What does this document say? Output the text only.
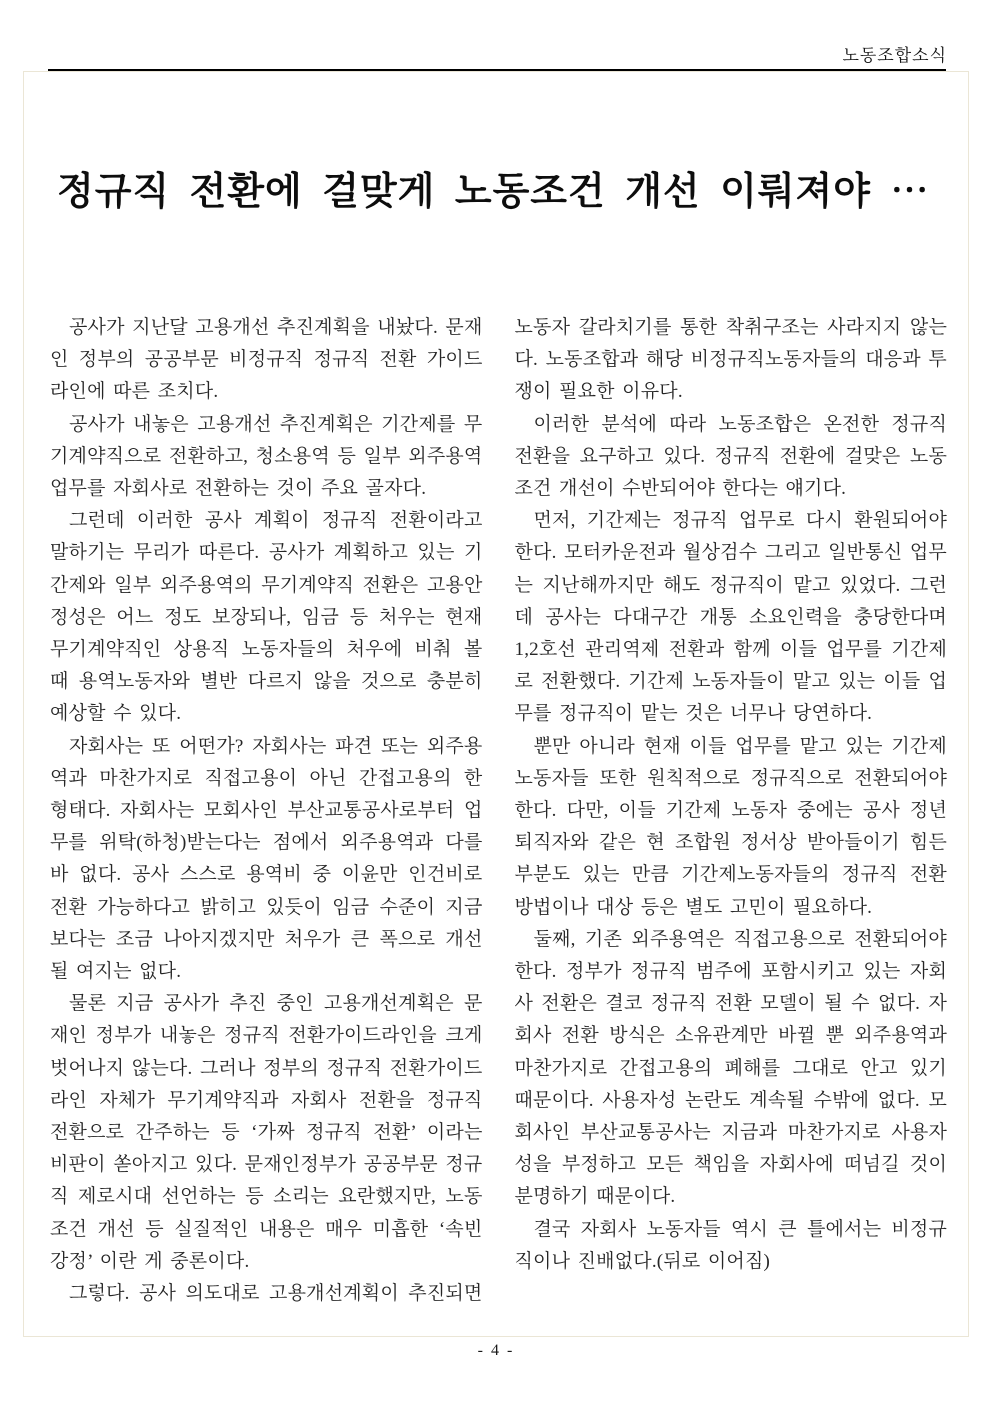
노동조합소식
정규직 전환에 걸맞게 노동조건 개선 이뤄져야 ⋯

공사가 지난달 고용개선 추진계획을 내놨다. 문재인 정부의 공공부문 비정규직 정규직 전환 가이드라인에 따른 조치다.

공사가 내놓은 고용개선 추진계획은 기간제를 무기계약직으로 전환하고, 청소용역 등 일부 외주용역 업무를 자회사로 전환하는 것이 주요 골자다.

그런데 이러한 공사 계획이 정규직 전환이라고 말하기는 무리가 따른다. 공사가 계획하고 있는 기간제와 일부 외주용역의 무기계약직 전환은 고용안정성은 어느 정도 보장되나, 임금 등 처우는 현재 무기계약직인 상용직 노동자들의 처우에 비춰 볼 때 용역노동자와 별반 다르지 않을 것으로 충분히 예상할 수 있다.

자회사는 또 어떤가? 자회사는 파견 또는 외주용역과 마찬가지로 직접고용이 아닌 간접고용의 한 형태다. 자회사는 모회사인 부산교통공사로부터 업무를 위탁(하청)받는다는 점에서 외주용역과 다를 바 없다. 공사 스스로 용역비 중 이윤만 인건비로 전환 가능하다고 밝히고 있듯이 임금 수준이 지금보다는 조금 나아지겠지만 처우가 큰 폭으로 개선될 여지는 없다.

물론 지금 공사가 추진 중인 고용개선계획은 문재인 정부가 내놓은 정규직 전환가이드라인을 크게 벗어나지 않는다. 그러나 정부의 정규직 전환가이드라인 자체가 무기계약직과 자회사 전환을 정규직 전환으로 간주하는 등 ‘가짜 정규직 전환’ 이라는 비판이 쏟아지고 있다. 문재인정부가 공공부문 정규직 제로시대 선언하는 등 소리는 요란했지만, 노동조건 개선 등 실질적인 내용은 매우 미흡한 ‘속빈 강정’ 이란 게 중론이다.

그렇다. 공사 의도대로 고용개선계획이 추진되면

노동자 갈라치기를 통한 착취구조는 사라지지 않는다. 노동조합과 해당 비정규직노동자들의 대응과 투쟁이 필요한 이유다.

이러한 분석에 따라 노동조합은 온전한 정규직 전환을 요구하고 있다. 정규직 전환에 걸맞은 노동조건 개선이 수반되어야 한다는 얘기다.

먼저, 기간제는 정규직 업무로 다시 환원되어야 한다. 모터카운전과 월상검수 그리고 일반통신 업무는 지난해까지만 해도 정규직이 맡고 있었다. 그런데 공사는 다대구간 개통 소요인력을 충당한다며 1,2호선 관리역제 전환과 함께 이들 업무를 기간제로 전환했다. 기간제 노동자들이 맡고 있는 이들 업무를 정규직이 맡는 것은 너무나 당연하다.

뿐만 아니라 현재 이들 업무를 맡고 있는 기간제 노동자들 또한 원칙적으로 정규직으로 전환되어야 한다. 다만, 이들 기간제 노동자 중에는 공사 정년퇴직자와 같은 현 조합원 정서상 받아들이기 힘든 부분도 있는 만큼 기간제노동자들의 정규직 전환 방법이나 대상 등은 별도 고민이 필요하다.

둘째, 기존 외주용역은 직접고용으로 전환되어야 한다. 정부가 정규직 범주에 포함시키고 있는 자회사 전환은 결코 정규직 전환 모델이 될 수 없다. 자회사 전환 방식은 소유관계만 바뀔 뿐 외주용역과 마찬가지로 간접고용의 폐해를 그대로 안고 있기 때문이다. 사용자성 논란도 계속될 수밖에 없다. 모회사인 부산교통공사는 지금과 마찬가지로 사용자성을 부정하고 모든 책임을 자회사에 떠넘길 것이 분명하기 때문이다.

결국 자회사 노동자들 역시 큰 틀에서는 비정규직이나 진배없다.(뒤로 이어짐)

- 4 -
